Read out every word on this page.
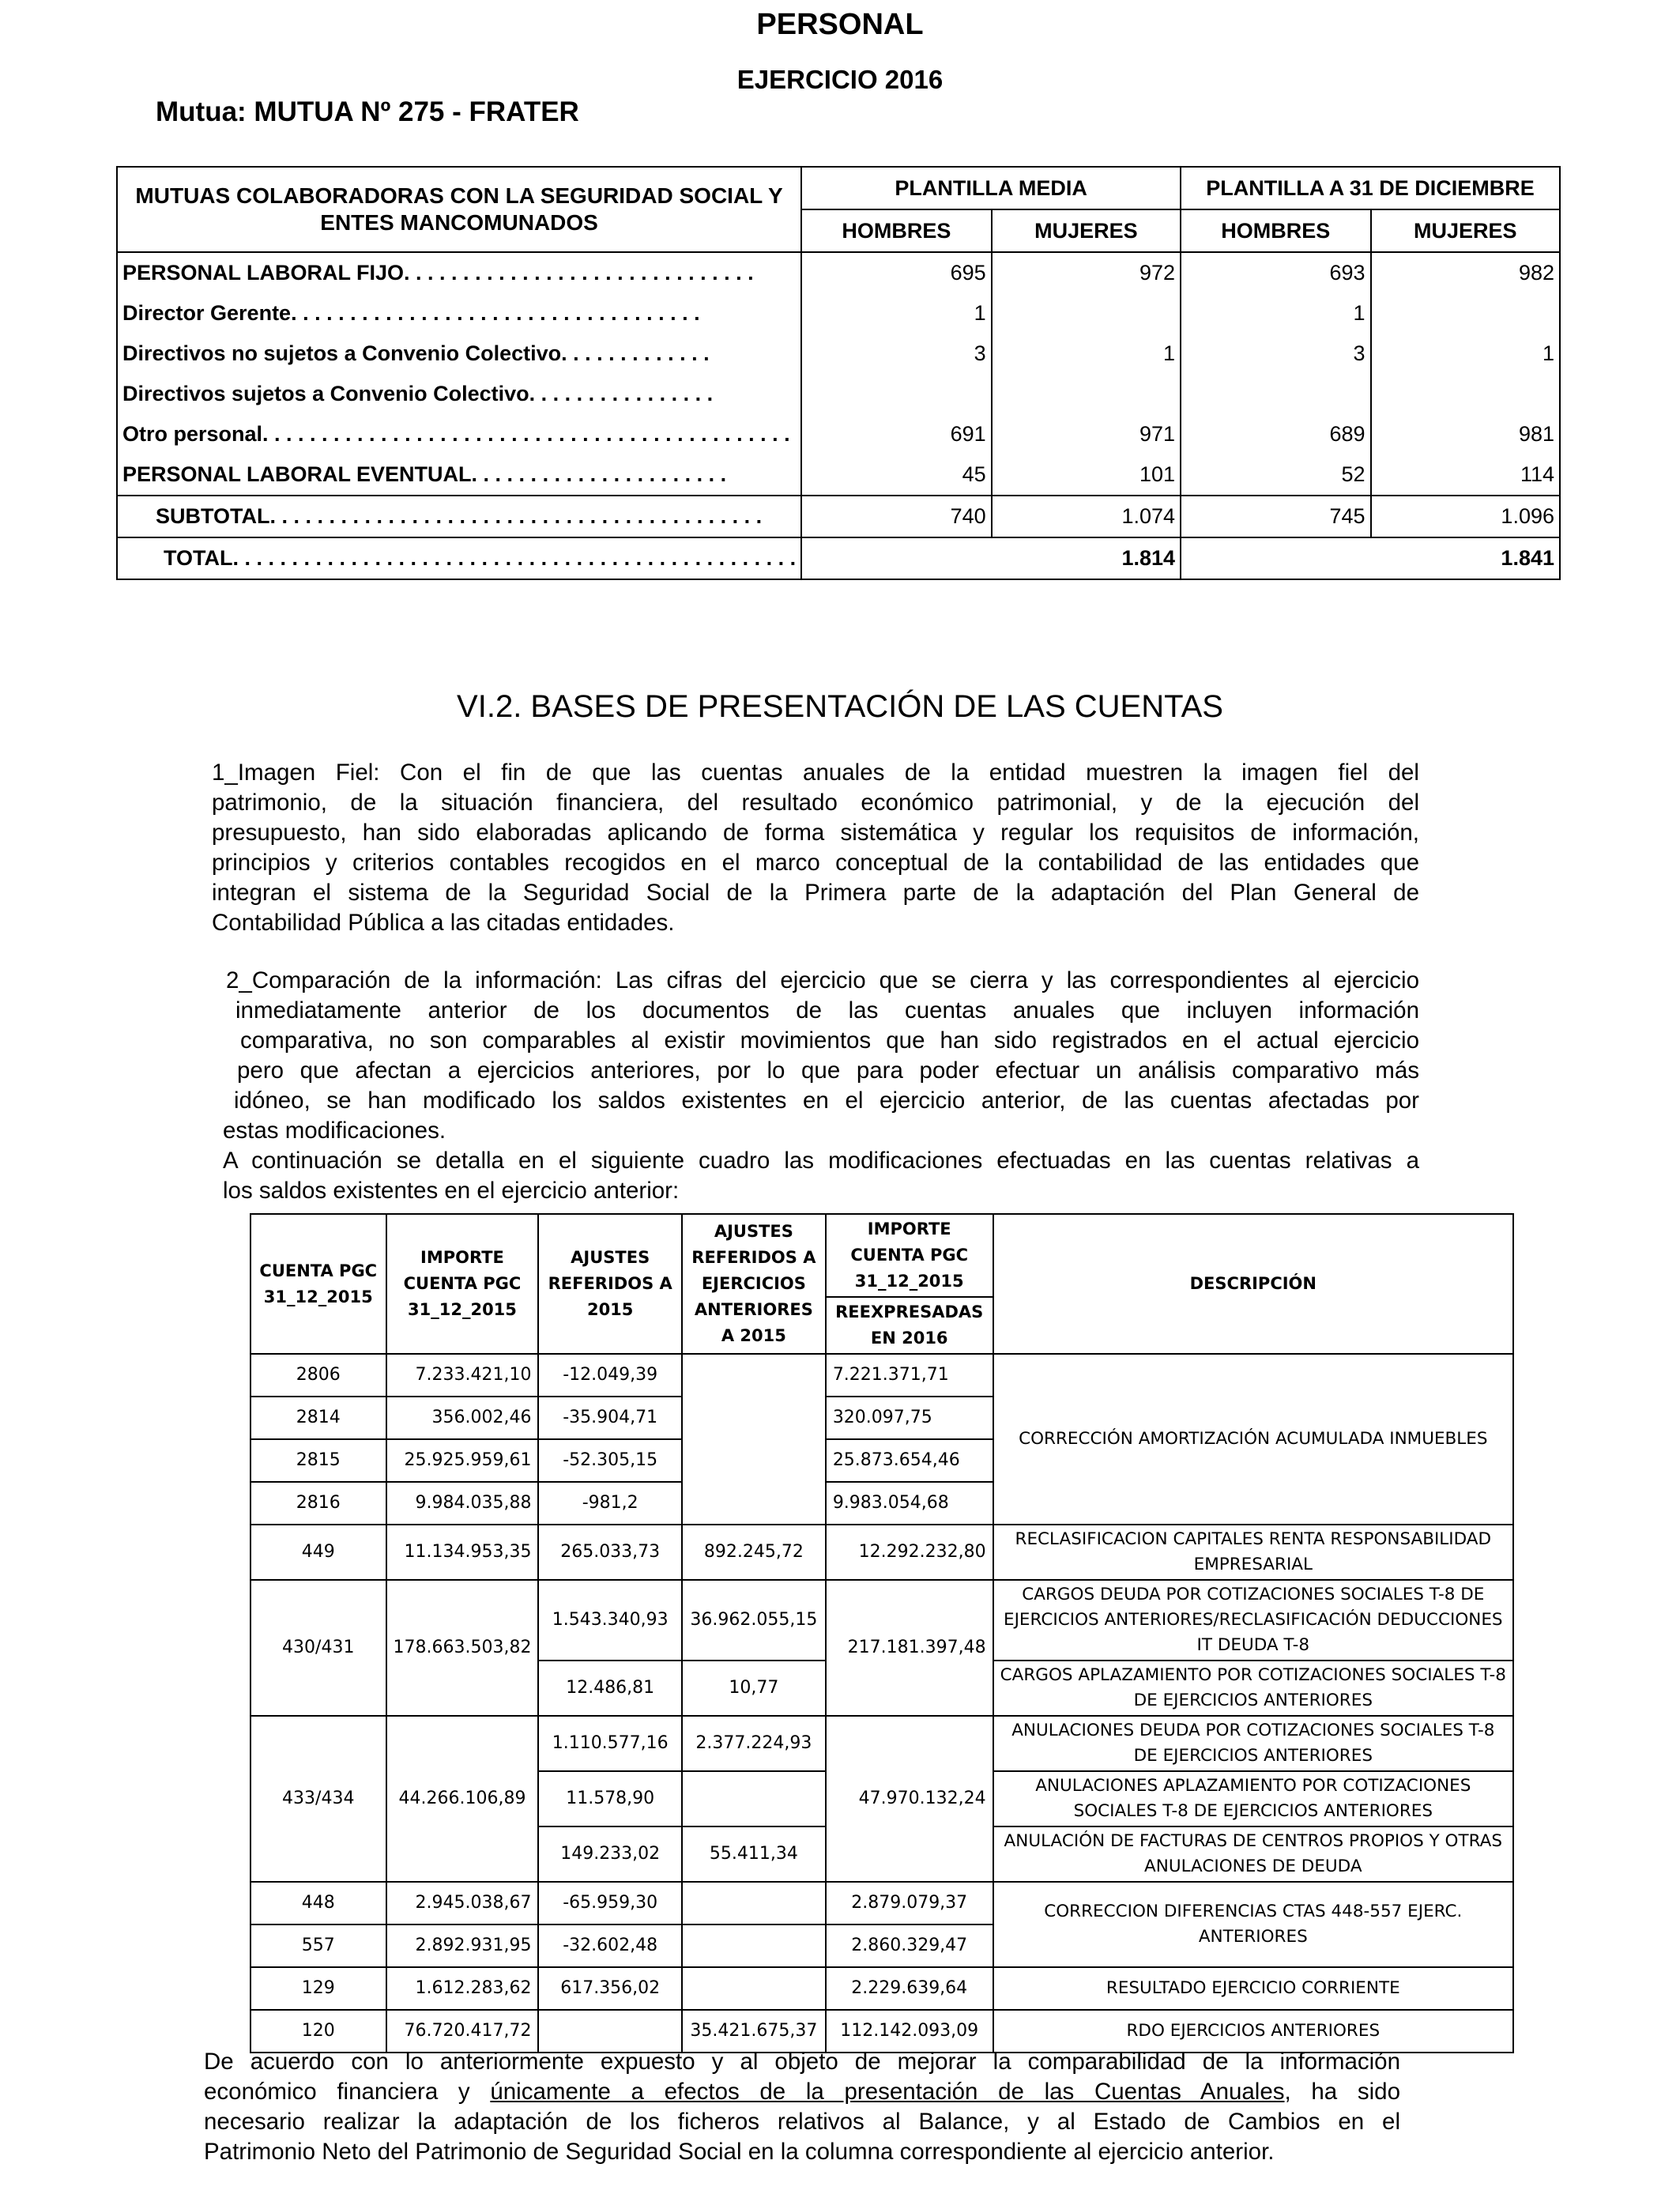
PERSONAL
EJERCICIO 2016
Mutua: MUTUA Nº 275 - FRATER
MUTUAS COLABORADORAS CON LA SEGURIDAD SOCIAL Y ENTES MANCOMUNADOS	PLANTILLA MEDIA		PLANTILLA A 31 DE DICIEMBRE	
	HOMBRES	MUJERES	HOMBRES	MUJERES
PERSONAL LABORAL FIJO. . . . . . . . . . . . . . . . . . . . . . . . . . . . . .	695	972	693	982
Director Gerente. . . . . . . . . . . . . . . . . . . . . . . . . . . . . . . . . . .	1		1	
Directivos no sujetos a Convenio Colectivo. . . . . . . . . . . . .	3	1	3	1
Directivos sujetos a Convenio Colectivo. . . . . . . . . . . . . . . .				
Otro personal. . . . . . . . . . . . . . . . . . . . . . . . . . . . . . . . . . . . . . . . . . . . .	691	971	689	981
PERSONAL LABORAL EVENTUAL. . . . . . . . . . . . . . . . . . . . . .	45	101	52	114
SUBTOTAL. . . . . . . . . . . . . . . . . . . . . . . . . . . . . . . . . . . . . . . . . .	740	1.074	745	1.096
TOTAL. . . . . . . . . . . . . . . . . . . . . . . . . . . . . . . . . . . . . . . . . . . . . . . .	1.814		1.841	
VI.2. BASES DE PRESENTACIÓN DE LAS CUENTAS
1_Imagen Fiel: Con el fin de que las cuentas anuales de la entidad muestren la imagen fiel del
patrimonio, de la situación financiera, del resultado económico patrimonial, y de la ejecución del
presupuesto, han sido elaboradas aplicando de forma sistemática y regular los requisitos de información,
principios y criterios contables recogidos en el marco conceptual de la contabilidad de las entidades que
integran el sistema de la Seguridad Social de la Primera parte de la adaptación del Plan General de
Contabilidad Pública a las citadas entidades.
2_Comparación de la información: Las cifras del ejercicio que se cierra y las correspondientes al ejercicio
inmediatamente anterior de los documentos de las cuentas anuales que incluyen información
comparativa, no son comparables al existir movimientos que han sido registrados en el actual ejercicio
pero que afectan a ejercicios anteriores, por lo que para poder efectuar un análisis comparativo más
idóneo, se han modificado los saldos existentes en el ejercicio anterior, de las cuentas afectadas por
estas modificaciones.
A continuación se detalla en el siguiente cuadro las modificaciones efectuadas en las cuentas relativas a
los saldos existentes en el ejercicio anterior:
CUENTA PGC 31_12_2015	IMPORTE CUENTA PGC 31_12_2015	AJUSTES REFERIDOS A 2015	AJUSTES REFERIDOS A EJERCICIOS ANTERIORES A 2015	IMPORTE CUENTA PGC 31_12_2015	DESCRIPCIÓN
				REEXPRESADAS EN 2016	
2806	7.233.421,10	-12.049,39		7.221.371,71	CORRECCIÓN AMORTIZACIÓN ACUMULADA INMUEBLES
2814	356.002,46	-35.904,71		320.097,75	
2815	25.925.959,61	-52.305,15		25.873.654,46	
2816	9.984.035,88	-981,2		9.983.054,68	
449	11.134.953,35	265.033,73	892.245,72	12.292.232,80	RECLASIFICACION CAPITALES RENTA RESPONSABILIDAD EMPRESARIAL
430/431	178.663.503,82	1.543.340,93	36.962.055,15	217.181.397,48	CARGOS DEUDA POR COTIZACIONES SOCIALES T-8 DE EJERCICIOS ANTERIORES/RECLASIFICACIÓN DEDUCCIONES IT DEUDA T-8
		12.486,81	10,77		CARGOS APLAZAMIENTO POR COTIZACIONES SOCIALES T-8 DE EJERCICIOS ANTERIORES
433/434	44.266.106,89	1.110.577,16	2.377.224,93	47.970.132,24	ANULACIONES DEUDA POR COTIZACIONES SOCIALES T-8 DE EJERCICIOS ANTERIORES
		11.578,90			ANULACIONES APLAZAMIENTO POR COTIZACIONES SOCIALES T-8 DE EJERCICIOS ANTERIORES
		149.233,02	55.411,34		ANULACIÓN DE FACTURAS DE CENTROS PROPIOS Y OTRAS ANULACIONES DE DEUDA
448	2.945.038,67	-65.959,30		2.879.079,37	CORRECCION DIFERENCIAS CTAS 448-557 EJERC. ANTERIORES
557	2.892.931,95	-32.602,48		2.860.329,47	
129	1.612.283,62	617.356,02		2.229.639,64	RESULTADO EJERCICIO CORRIENTE
120	76.720.417,72		35.421.675,37	112.142.093,09	RDO EJERCICIOS ANTERIORES
De acuerdo con lo anteriormente expuesto y al objeto de mejorar la comparabilidad de la información
económico financiera y únicamente a efectos de la presentación de las Cuentas Anuales, ha sido
necesario realizar la adaptación de los ficheros relativos al Balance, y al Estado de Cambios en el
Patrimonio Neto del Patrimonio de Seguridad Social en la columna correspondiente al ejercicio anterior.
